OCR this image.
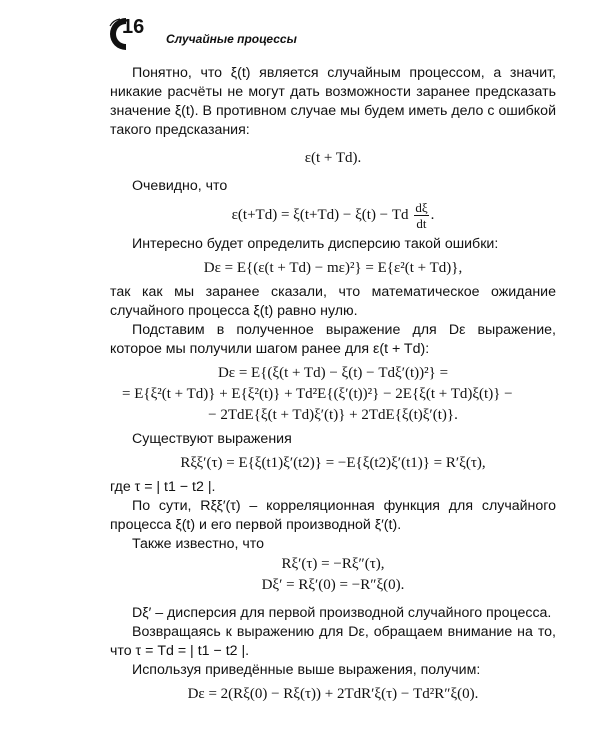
16
Случайные процессы

Понятно, что ξ(t) является случайным процессом, а значит, никакие расчёты не могут дать возможности заранее предсказать значение ξ(t). В противном случае мы будем иметь дело с ошибкой такого предсказания:

ε(t + Td).

Очевидно, что

ε(t+Td) = ξ(t+Td) − ξ(t) − Td $\frac{d\xi}{dt}$ .

Интересно будет определить дисперсию такой ошибки:

Dε = E{(ε(t + Td) − mε)²} = E{ε²(t + Td)},

так как мы заранее сказали, что математическое ожидание случайного процесса ξ(t) равно нулю.

Подставим в полученное выражение для Dε выражение, которое мы получили шагом ранее для ε(t + Td):

Dε = E{(ξ(t + Td) − ξ(t) − Tdξ′(t))²} =

= E{ξ²(t + Td)} + E{ξ²(t)} + Td²E{(ξ′(t))²} − 2E{ξ(t + Td)ξ(t)} −

− 2TdE{ξ(t + Td)ξ′(t)} + 2TdE{ξ(t)ξ′(t)}.

Существуют выражения

Rξξ′(τ) = E{ξ(t1)ξ′(t2)} = −E{ξ(t2)ξ′(t1)} = R′ξ(τ),

где τ = | t1 − t2 |.

По сути, Rξξ′(τ) – корреляционная функция для случайного процесса ξ(t) и его первой производной ξ′(t).

Также известно, что

Rξ′(τ) = −Rξ″(τ),

Dξ′ = Rξ′(0) = −R″ξ(0).

Dξ′ – дисперсия для первой производной случайного процесса.

Возвращаясь к выражению для Dε, обращаем внимание на то, что τ = Td = | t1 − t2 |.

Используя приведённые выше выражения, получим:

Dε = 2(Rξ(0) − Rξ(τ)) + 2TdR′ξ(τ) − Td²R″ξ(0).
